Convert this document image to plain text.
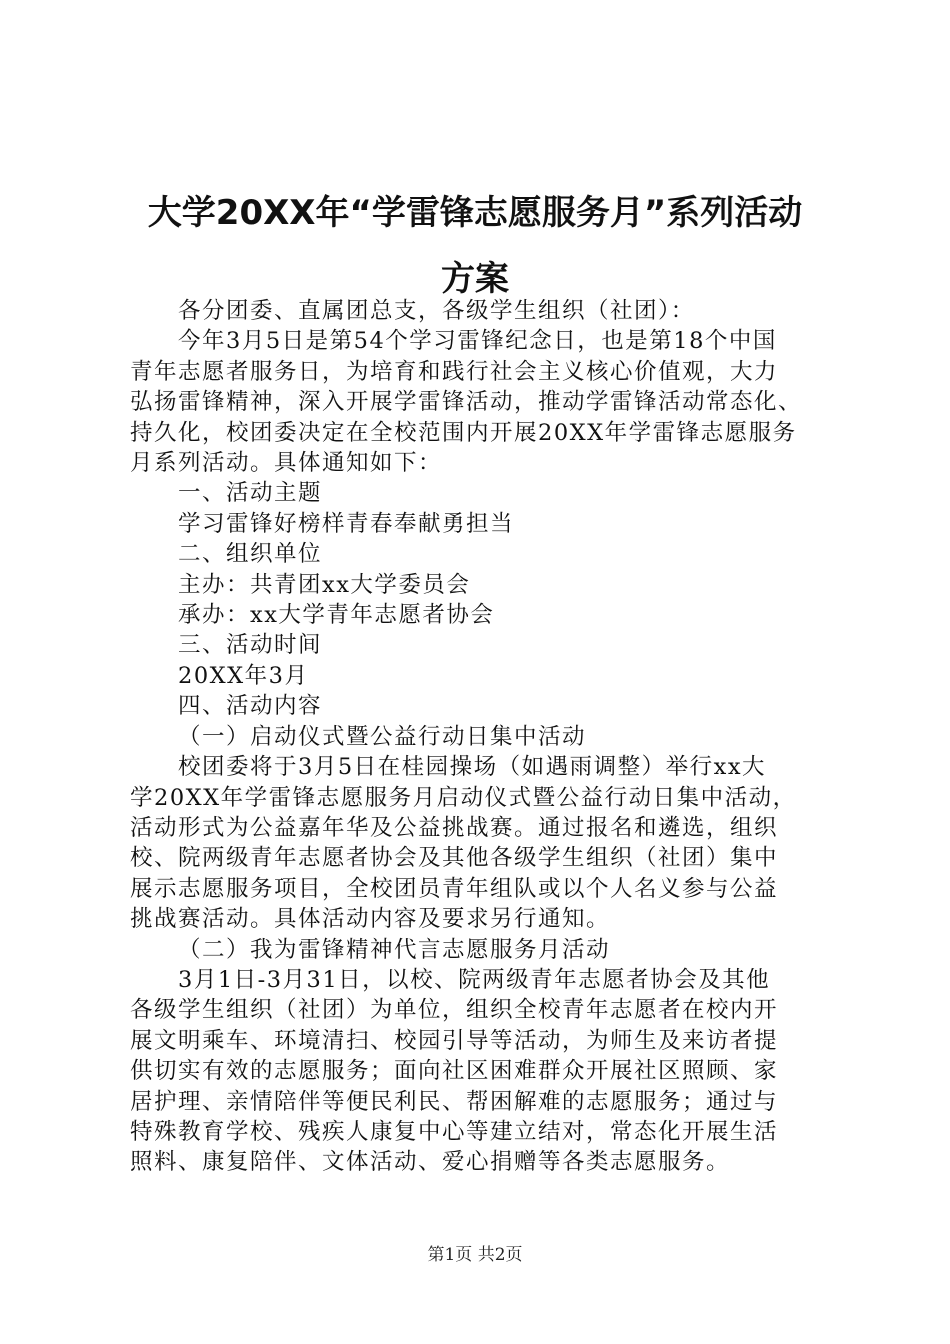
大学20XX年“学雷锋志愿服务月”系列活动
方案

各分团委、直属团总支，各级学生组织（社团）：

今年3月5日是第54个学习雷锋纪念日，也是第18个中国

青年志愿者服务日，为培育和践行社会主义核心价值观，大力

弘扬雷锋精神，深入开展学雷锋活动，推动学雷锋活动常态化、

持久化，校团委决定在全校范围内开展20XX年学雷锋志愿服务

月系列活动。具体通知如下：

一、活动主题

学习雷锋好榜样青春奉献勇担当

二、组织单位

主办：共青团xx大学委员会

承办：xx大学青年志愿者协会

三、活动时间

20XX年3月

四、活动内容

（一）启动仪式暨公益行动日集中活动

校团委将于3月5日在桂园操场（如遇雨调整）举行xx大

学20XX年学雷锋志愿服务月启动仪式暨公益行动日集中活动，

活动形式为公益嘉年华及公益挑战赛。通过报名和遴选，组织

校、院两级青年志愿者协会及其他各级学生组织（社团）集中

展示志愿服务项目，全校团员青年组队或以个人名义参与公益

挑战赛活动。具体活动内容及要求另行通知。

（二）我为雷锋精神代言志愿服务月活动

3月1日-3月31日，以校、院两级青年志愿者协会及其他

各级学生组织（社团）为单位，组织全校青年志愿者在校内开

展文明乘车、环境清扫、校园引导等活动，为师生及来访者提

供切实有效的志愿服务；面向社区困难群众开展社区照顾、家

居护理、亲情陪伴等便民利民、帮困解难的志愿服务；通过与

特殊教育学校、残疾人康复中心等建立结对，常态化开展生活

照料、康复陪伴、文体活动、爱心捐赠等各类志愿服务。

第1页 共2页
